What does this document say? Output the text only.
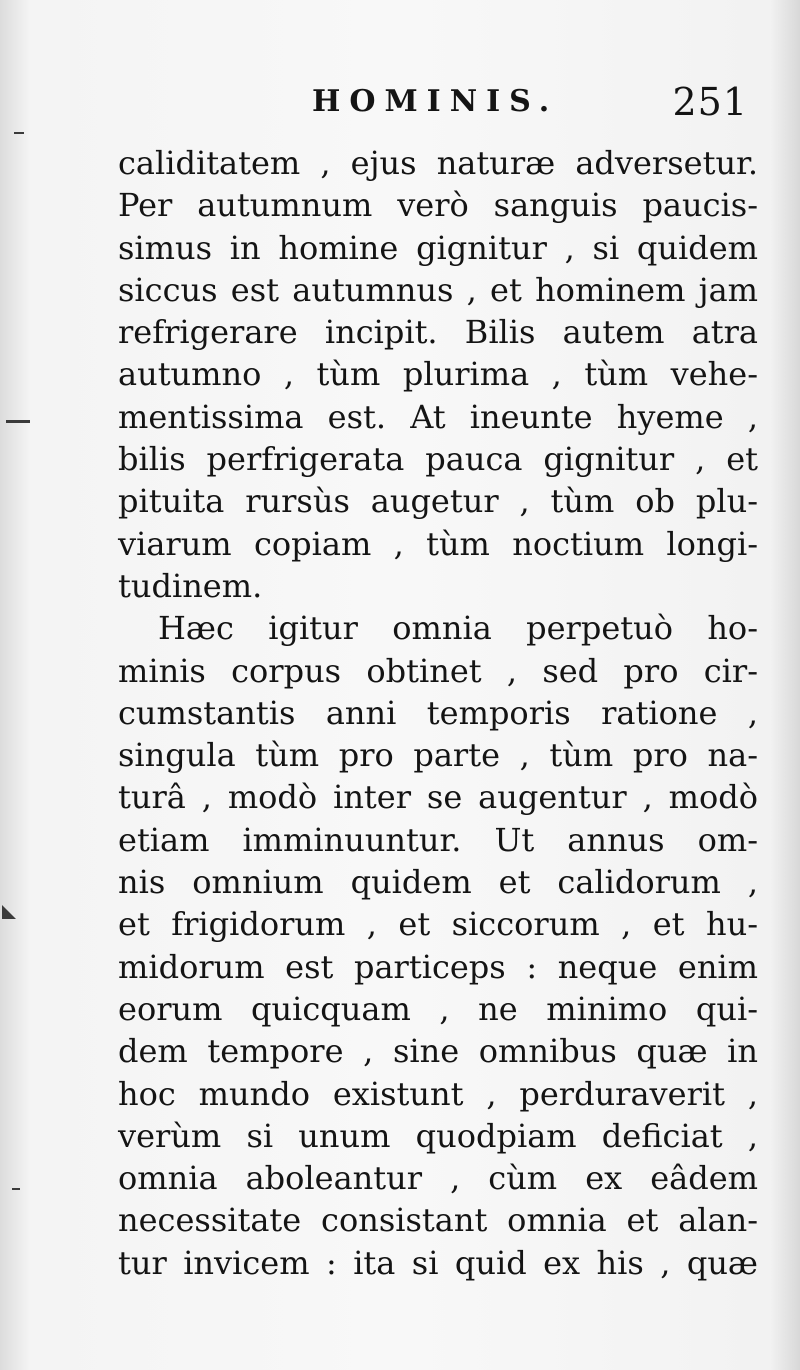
HOMINIS.	251
caliditatem , ejus naturæ adversetur.
Per autumnum verò sanguis paucis-
simus in homine gignitur , si quidem
siccus est autumnus , et hominem jam
refrigerare incipit. Bilis autem atra
autumno , tùm plurima , tùm vehe-
mentissima est. At ineunte hyeme ,
bilis perfrigerata pauca gignitur , et
pituita rursùs augetur , tùm ob plu-
viarum copiam , tùm noctium longi-
tudinem.
Hæc igitur omnia perpetuò ho-
minis corpus obtinet , sed pro cir-
cumstantis anni temporis ratione ,
singula tùm pro parte , tùm pro na-
turâ , modò inter se augentur , modò
etiam imminuuntur. Ut annus om-
nis omnium quidem et calidorum ,
et frigidorum , et siccorum , et hu-
midorum est particeps : neque enim
eorum quicquam , ne minimo qui-
dem tempore , sine omnibus quæ in
hoc mundo existunt , perduraverit ,
verùm si unum quodpiam deficiat ,
omnia aboleantur , cùm ex eâdem
necessitate consistant omnia et alan-
tur invicem : ita si quid ex his , quæ
